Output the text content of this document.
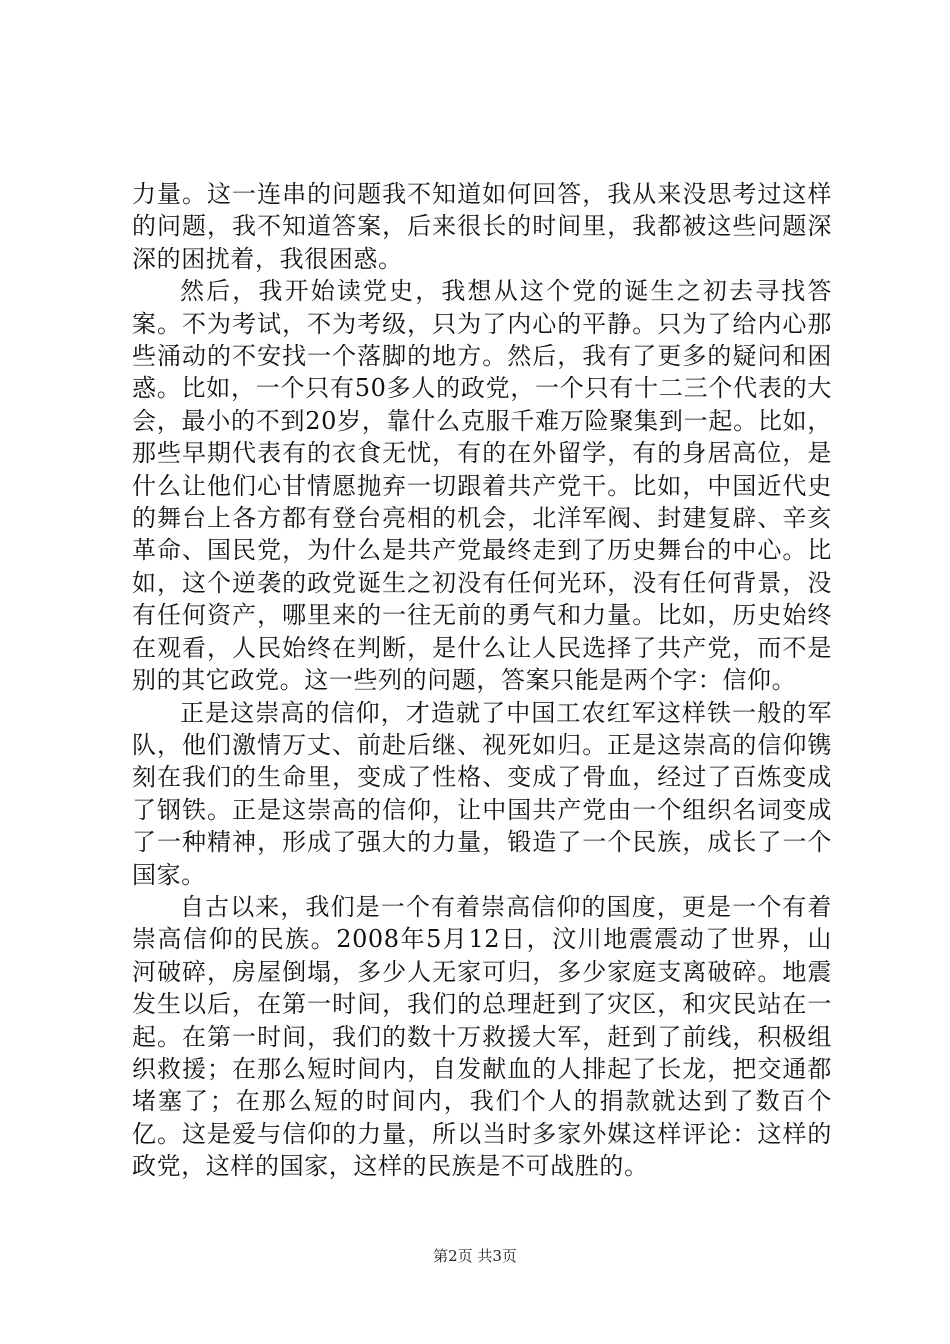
力量。这一连串的问题我不知道如何回答，我从来没思考过这样的问题，我不知道答案，后来很长的时间里，我都被这些问题深深的困扰着，我很困惑。

然后，我开始读党史，我想从这个党的诞生之初去寻找答案。不为考试，不为考级，只为了内心的平静。只为了给内心那些涌动的不安找一个落脚的地方。然后，我有了更多的疑问和困惑。比如，一个只有50多人的政党，一个只有十二三个代表的大会，最小的不到20岁，靠什么克服千难万险聚集到一起。比如，那些早期代表有的衣食无忧，有的在外留学，有的身居高位，是什么让他们心甘情愿抛弃一切跟着共产党干。比如，中国近代史的舞台上各方都有登台亮相的机会，北洋军阀、封建复辟、辛亥革命、国民党，为什么是共产党最终走到了历史舞台的中心。比如，这个逆袭的政党诞生之初没有任何光环，没有任何背景，没有任何资产，哪里来的一往无前的勇气和力量。比如，历史始终在观看，人民始终在判断，是什么让人民选择了共产党，而不是别的其它政党。这一些列的问题，答案只能是两个字：信仰。

正是这崇高的信仰，才造就了中国工农红军这样铁一般的军队，他们激情万丈、前赴后继、视死如归。正是这崇高的信仰镌刻在我们的生命里，变成了性格、变成了骨血，经过了百炼变成了钢铁。正是这崇高的信仰，让中国共产党由一个组织名词变成了一种精神，形成了强大的力量，锻造了一个民族，成长了一个国家。

自古以来，我们是一个有着崇高信仰的国度，更是一个有着崇高信仰的民族。2008年5月12日，汶川地震震动了世界，山河破碎，房屋倒塌，多少人无家可归，多少家庭支离破碎。地震发生以后，在第一时间，我们的总理赶到了灾区，和灾民站在一起。在第一时间，我们的数十万救援大军，赶到了前线，积极组织救援；在那么短时间内，自发献血的人排起了长龙，把交通都堵塞了；在那么短的时间内，我们个人的捐款就达到了数百个亿。这是爱与信仰的力量，所以当时多家外媒这样评论：这样的政党，这样的国家，这样的民族是不可战胜的。

第2页 共3页
